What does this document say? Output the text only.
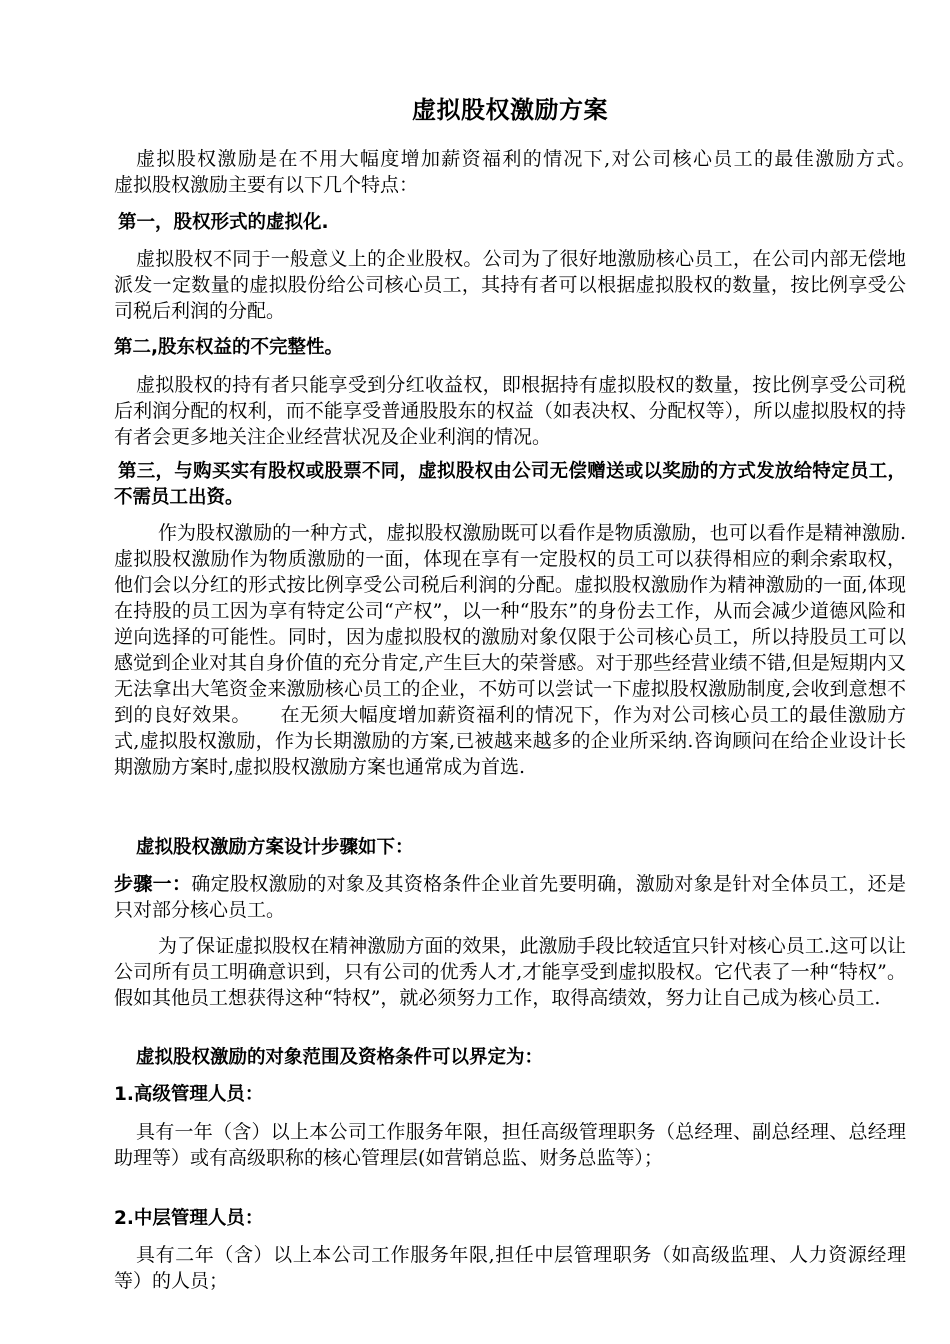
虚拟股权激励方案
虚拟股权激励是在不用大幅度增加薪资福利的情况下,对公司核心员工的最佳激励方式。　　虚拟股权激励主要有以下几个特点：
第一，股权形式的虚拟化.
虚拟股权不同于一般意义上的企业股权。公司为了很好地激励核心员工，在公司内部无偿地派发一定数量的虚拟股份给公司核心员工，其持有者可以根据虚拟股权的数量，按比例享受公司税后利润的分配。
第二,股东权益的不完整性。
虚拟股权的持有者只能享受到分红收益权，即根据持有虚拟股权的数量，按比例享受公司税后利润分配的权利，而不能享受普通股股东的权益（如表决权、分配权等），所以虚拟股权的持有者会更多地关注企业经营状况及企业利润的情况。
第三，与购买实有股权或股票不同，虚拟股权由公司无偿赠送或以奖励的方式发放给特定员工，不需员工出资。
作为股权激励的一种方式，虚拟股权激励既可以看作是物质激励，也可以看作是精神激励.虚拟股权激励作为物质激励的一面，体现在享有一定股权的员工可以获得相应的剩余索取权，他们会以分红的形式按比例享受公司税后利润的分配。虚拟股权激励作为精神激励的一面,体现在持股的员工因为享有特定公司“产权”，以一种“股东”的身份去工作，从而会减少道德风险和逆向选择的可能性。同时，因为虚拟股权的激励对象仅限于公司核心员工，所以持股员工可以感觉到企业对其自身价值的充分肯定,产生巨大的荣誉感。对于那些经营业绩不错,但是短期内又无法拿出大笔资金来激励核心员工的企业，不妨可以尝试一下虚拟股权激励制度,会收到意想不到的良好效果。　　在无须大幅度增加薪资福利的情况下，作为对公司核心员工的最佳激励方式,虚拟股权激励，作为长期激励的方案,已被越来越多的企业所采纳.咨询顾问在给企业设计长期激励方案时,虚拟股权激励方案也通常成为首选.
虚拟股权激励方案设计步骤如下：
步骤一：确定股权激励的对象及其资格条件企业首先要明确，激励对象是针对全体员工，还是只对部分核心员工。
为了保证虚拟股权在精神激励方面的效果，此激励手段比较适宜只针对核心员工.这可以让公司所有员工明确意识到，只有公司的优秀人才,才能享受到虚拟股权。它代表了一种“特权”。假如其他员工想获得这种“特权”，就必须努力工作，取得高绩效，努力让自己成为核心员工.
虚拟股权激励的对象范围及资格条件可以界定为：
1.高级管理人员：
具有一年（含）以上本公司工作服务年限，担任高级管理职务（总经理、副总经理、总经理助理等）或有高级职称的核心管理层(如营销总监、财务总监等）；
2.中层管理人员：
具有二年（含）以上本公司工作服务年限,担任中层管理职务（如高级监理、人力资源经理等）的人员；
